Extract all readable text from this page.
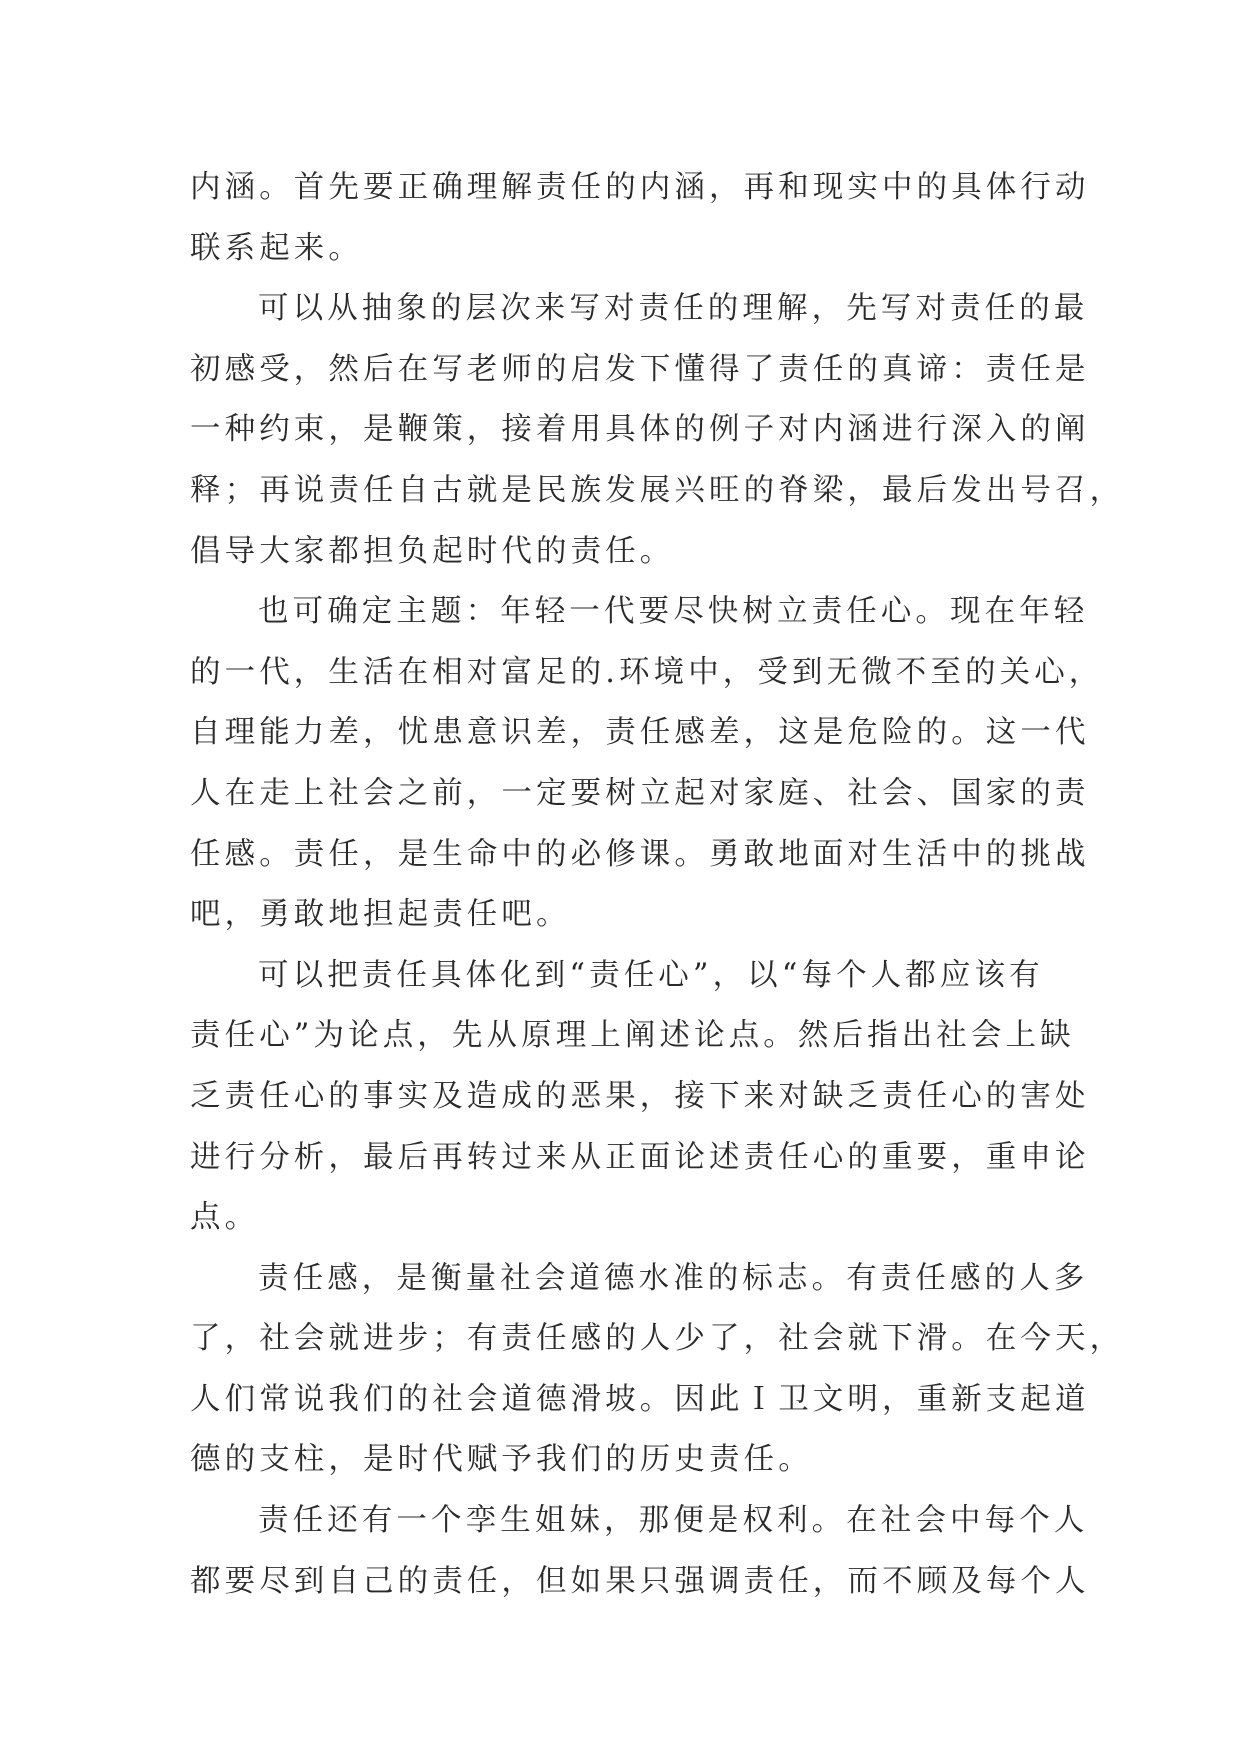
内涵。首先要正确理解责任的内涵，再和现实中的具体行动
联系起来。
可以从抽象的层次来写对责任的理解，先写对责任的最
初感受，然后在写老师的启发下懂得了责任的真谛：责任是
一种约束，是鞭策，接着用具体的例子对内涵进行深入的阐
释；再说责任自古就是民族发展兴旺的脊梁，最后发出号召，
倡导大家都担负起时代的责任。
也可确定主题：年轻一代要尽快树立责任心。现在年轻
的一代，生活在相对富足的.环境中，受到无微不至的关心，
自理能力差，忧患意识差，责任感差，这是危险的。这一代
人在走上社会之前，一定要树立起对家庭、社会、国家的责
任感。责任，是生命中的必修课。勇敢地面对生活中的挑战
吧，勇敢地担起责任吧。
可以把责任具体化到“责任心”，以“每个人都应该有
责任心”为论点，先从原理上阐述论点。然后指出社会上缺
乏责任心的事实及造成的恶果，接下来对缺乏责任心的害处
进行分析，最后再转过来从正面论述责任心的重要，重申论
点。
责任感，是衡量社会道德水准的标志。有责任感的人多
了，社会就进步；有责任感的人少了，社会就下滑。在今天，
人们常说我们的社会道德滑坡。因此Ｉ卫文明，重新支起道
德的支柱，是时代赋予我们的历史责任。
责任还有一个孪生姐妹，那便是权利。在社会中每个人
都要尽到自己的责任，但如果只强调责任，而不顾及每个人
